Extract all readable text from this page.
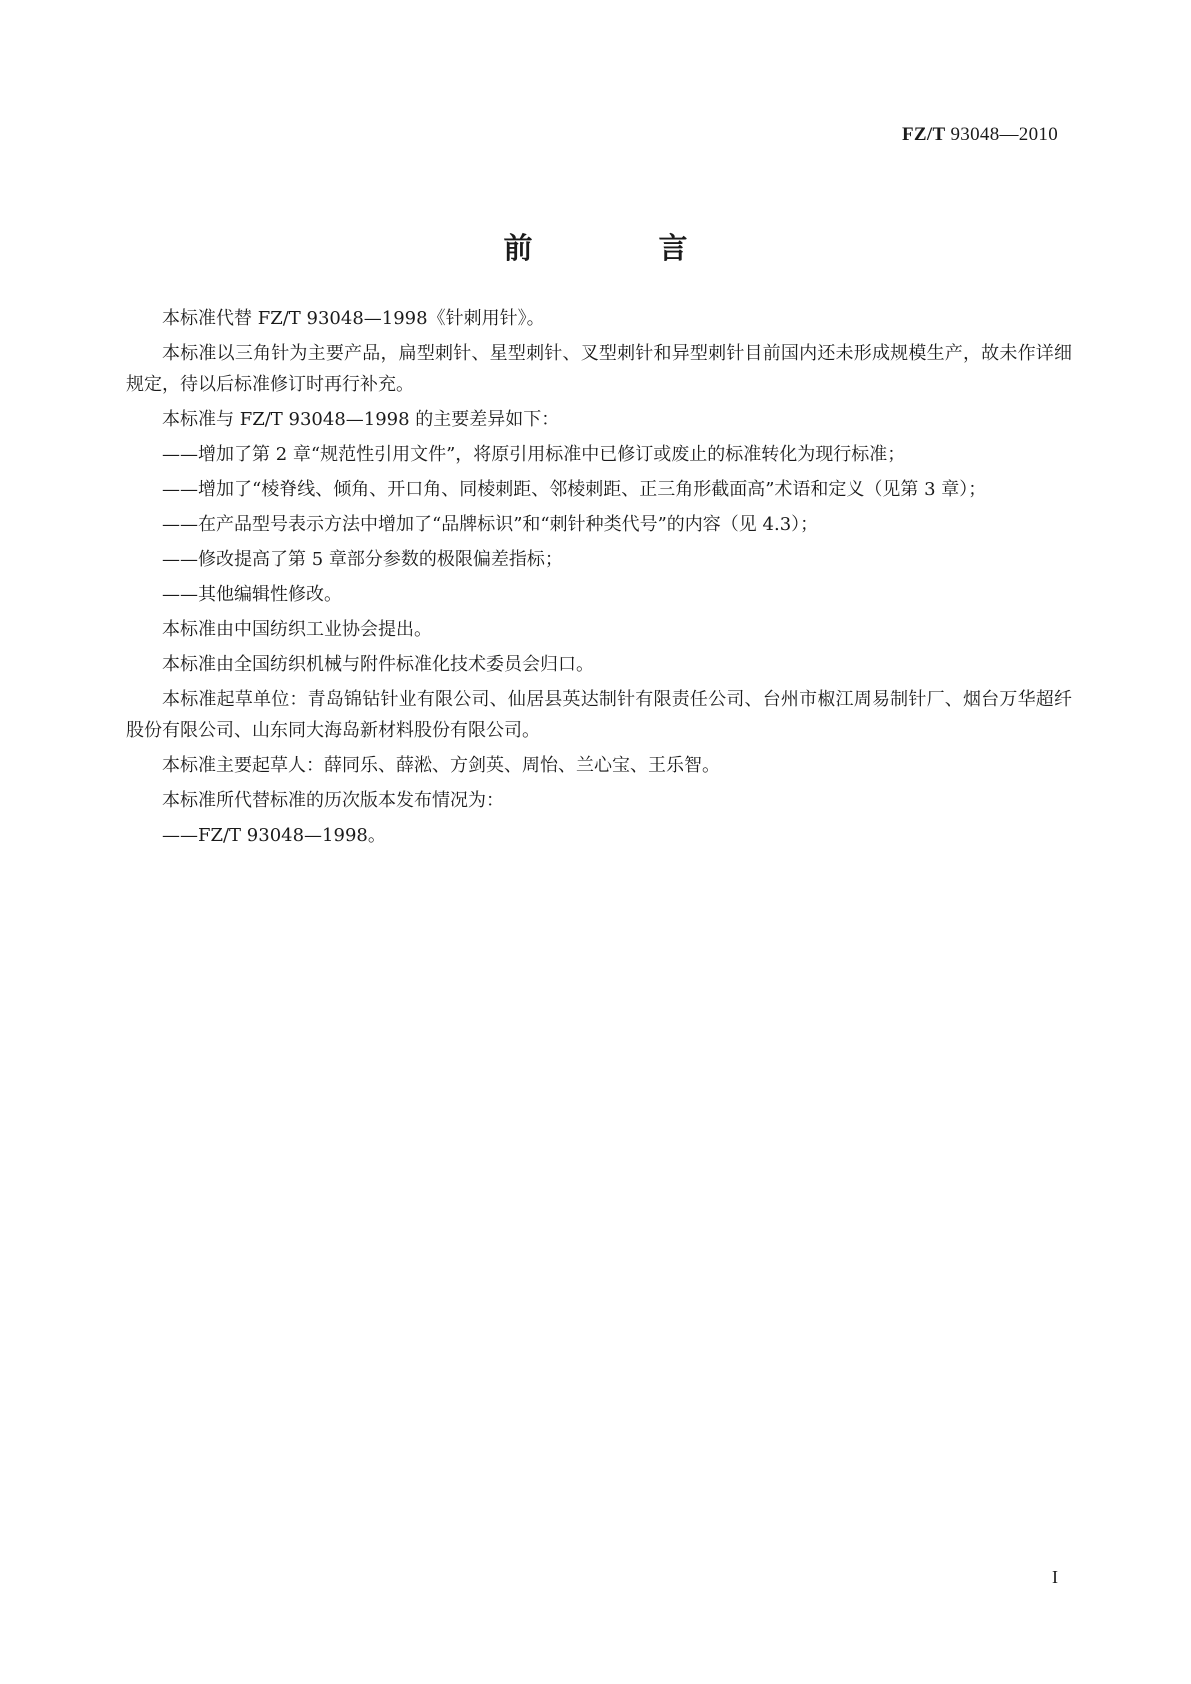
FZ/T 93048—2010
前 言

本标准代替 FZ/T 93048—1998《针刺用针》。

本标准以三角针为主要产品，扁型刺针、星型刺针、叉型刺针和异型刺针目前国内还未形成规模生产，故未作详细规定，待以后标准修订时再行补充。

本标准与 FZ/T 93048—1998 的主要差异如下：

——增加了第 2 章“规范性引用文件”，将原引用标准中已修订或废止的标准转化为现行标准；

——增加了“棱脊线、倾角、开口角、同棱刺距、邻棱刺距、正三角形截面高”术语和定义（见第 3 章）；

——在产品型号表示方法中增加了“品牌标识”和“刺针种类代号”的内容（见 4.3）；

——修改提高了第 5 章部分参数的极限偏差指标；

——其他编辑性修改。

本标准由中国纺织工业协会提出。

本标准由全国纺织机械与附件标准化技术委员会归口。

本标准起草单位：青岛锦钻针业有限公司、仙居县英达制针有限责任公司、台州市椒江周易制针厂、烟台万华超纤股份有限公司、山东同大海岛新材料股份有限公司。

本标准主要起草人：薛同乐、薛淞、方剑英、周怡、兰心宝、王乐智。

本标准所代替标准的历次版本发布情况为：

——FZ/T 93048—1998。

I
